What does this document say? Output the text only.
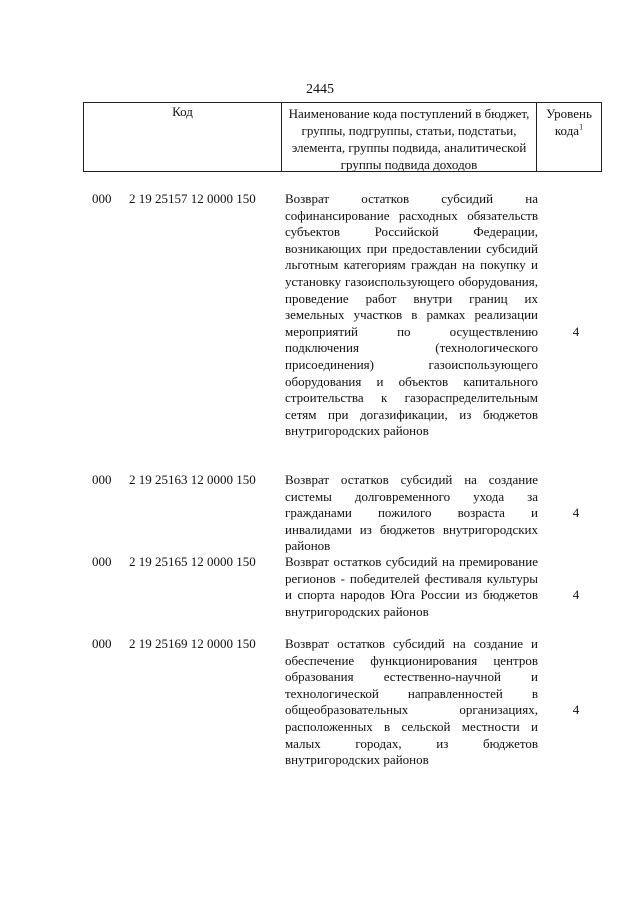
2445
Код	Наименование кода поступлений в бюджет, группы, подгруппы, статьи, подстатьи, элемента, группы подвида, аналитической группы подвида доходов
Уровень кода$^1$
000	2 19 25157 12 0000 150	Возврат остатков субсидий на софинансирование расходных обязательств субъектов Российской Федерации, возникающих при предоставлении субсидий льготным категориям граждан на покупку и установку газоиспользующего оборудования, проведение работ внутри границ их земельных участков в рамках реализации мероприятий по осуществлению подключения (технологического присоединения) газоиспользующего оборудования и объектов капитального строительства к газораспределительным сетям при догазификации, из бюджетов внутригородских районов
4
000	2 19 25163 12 0000 150	Возврат остатков субсидий на создание системы долговременного ухода за гражданами пожилого возраста и инвалидами из бюджетов внутригородских районов
4
000	2 19 25165 12 0000 150	Возврат остатков субсидий на премирование регионов - победителей фестиваля культуры и спорта народов Юга России из бюджетов внутригородских районов
4
000	2 19 25169 12 0000 150	Возврат остатков субсидий на создание и обеспечение функционирования центров образования естественно-научной и технологической направленностей в общеобразовательных организациях, расположенных в сельской местности и малых городах, из бюджетов внутригородских районов
4
